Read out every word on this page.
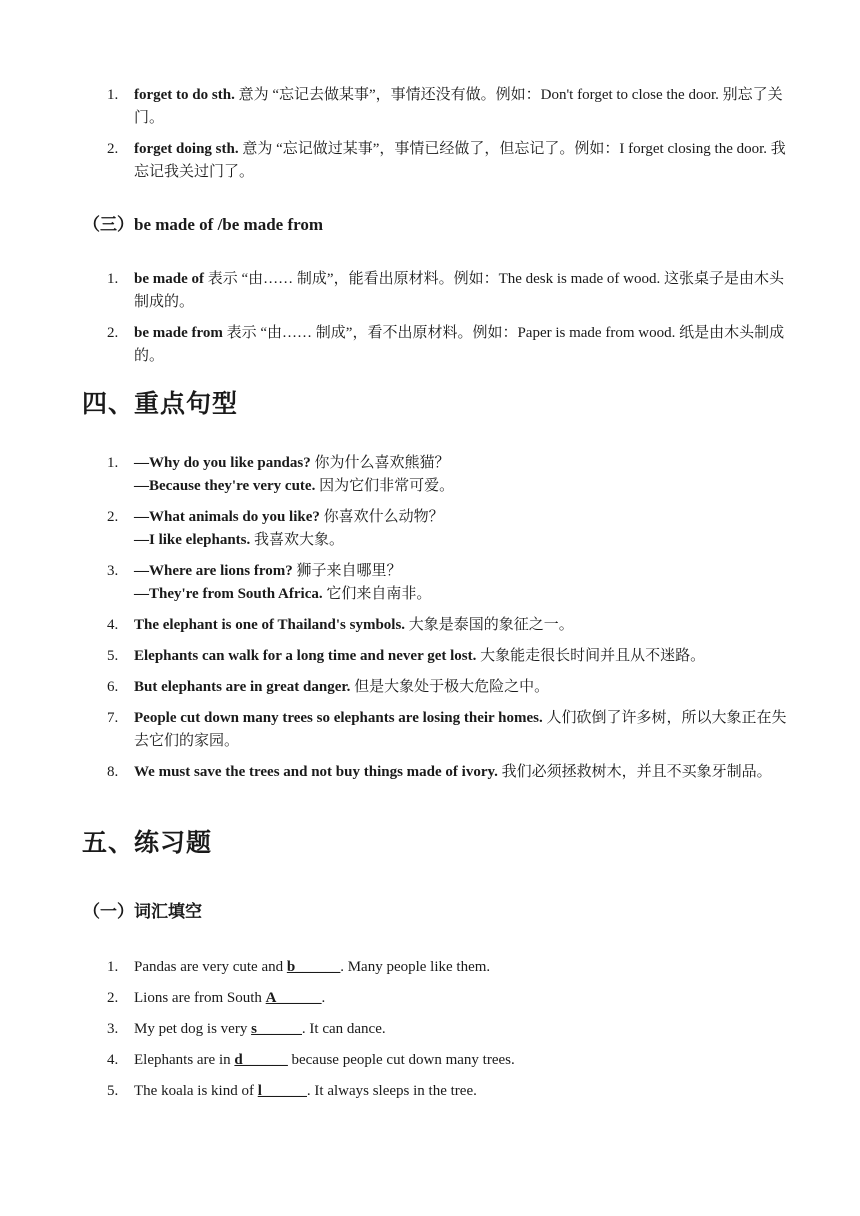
1.	forget to do sth. 意为 “忘记去做某事”，事情还没有做。例如：Don't forget to close the door. 别忘了关门。
2.	forget doing sth. 意为 “忘记做过某事”，事情已经做了，但忘记了。例如：I forget closing the door. 我忘记我关过门了。
（三）be made of /be made from
1.	be made of 表示 “由…… 制成”，能看出原材料。例如：The desk is made of wood. 这张桌子是由木头制成的。
2.	be made from 表示 “由…… 制成”，看不出原材料。例如：Paper is made from wood. 纸是由木头制成的。
四、重点句型
1.	—Why do you like pandas? 你为什么喜欢熊猫？
—Because they're very cute. 因为它们非常可爱。
2.	—What animals do you like? 你喜欢什么动物？
—I like elephants. 我喜欢大象。
3.	—Where are lions from? 狮子来自哪里？
—They're from South Africa. 它们来自南非。
4.	The elephant is one of Thailand's symbols. 大象是泰国的象征之一。
5.	Elephants can walk for a long time and never get lost. 大象能走很长时间并且从不迷路。
6.	But elephants are in great danger. 但是大象处于极大危险之中。
7.	People cut down many trees so elephants are losing their homes. 人们砍倒了许多树，所以大象正在失去它们的家园。
8.	We must save the trees and not buy things made of ivory. 我们必须拯救树木，并且不买象牙制品。
五、练习题
（一）词汇填空
1.	Pandas are very cute and b______. Many people like them.
2.	Lions are from South A______.
3.	My pet dog is very s______. It can dance.
4.	Elephants are in d______ because people cut down many trees.
5.	The koala is kind of l______. It always sleeps in the tree.
